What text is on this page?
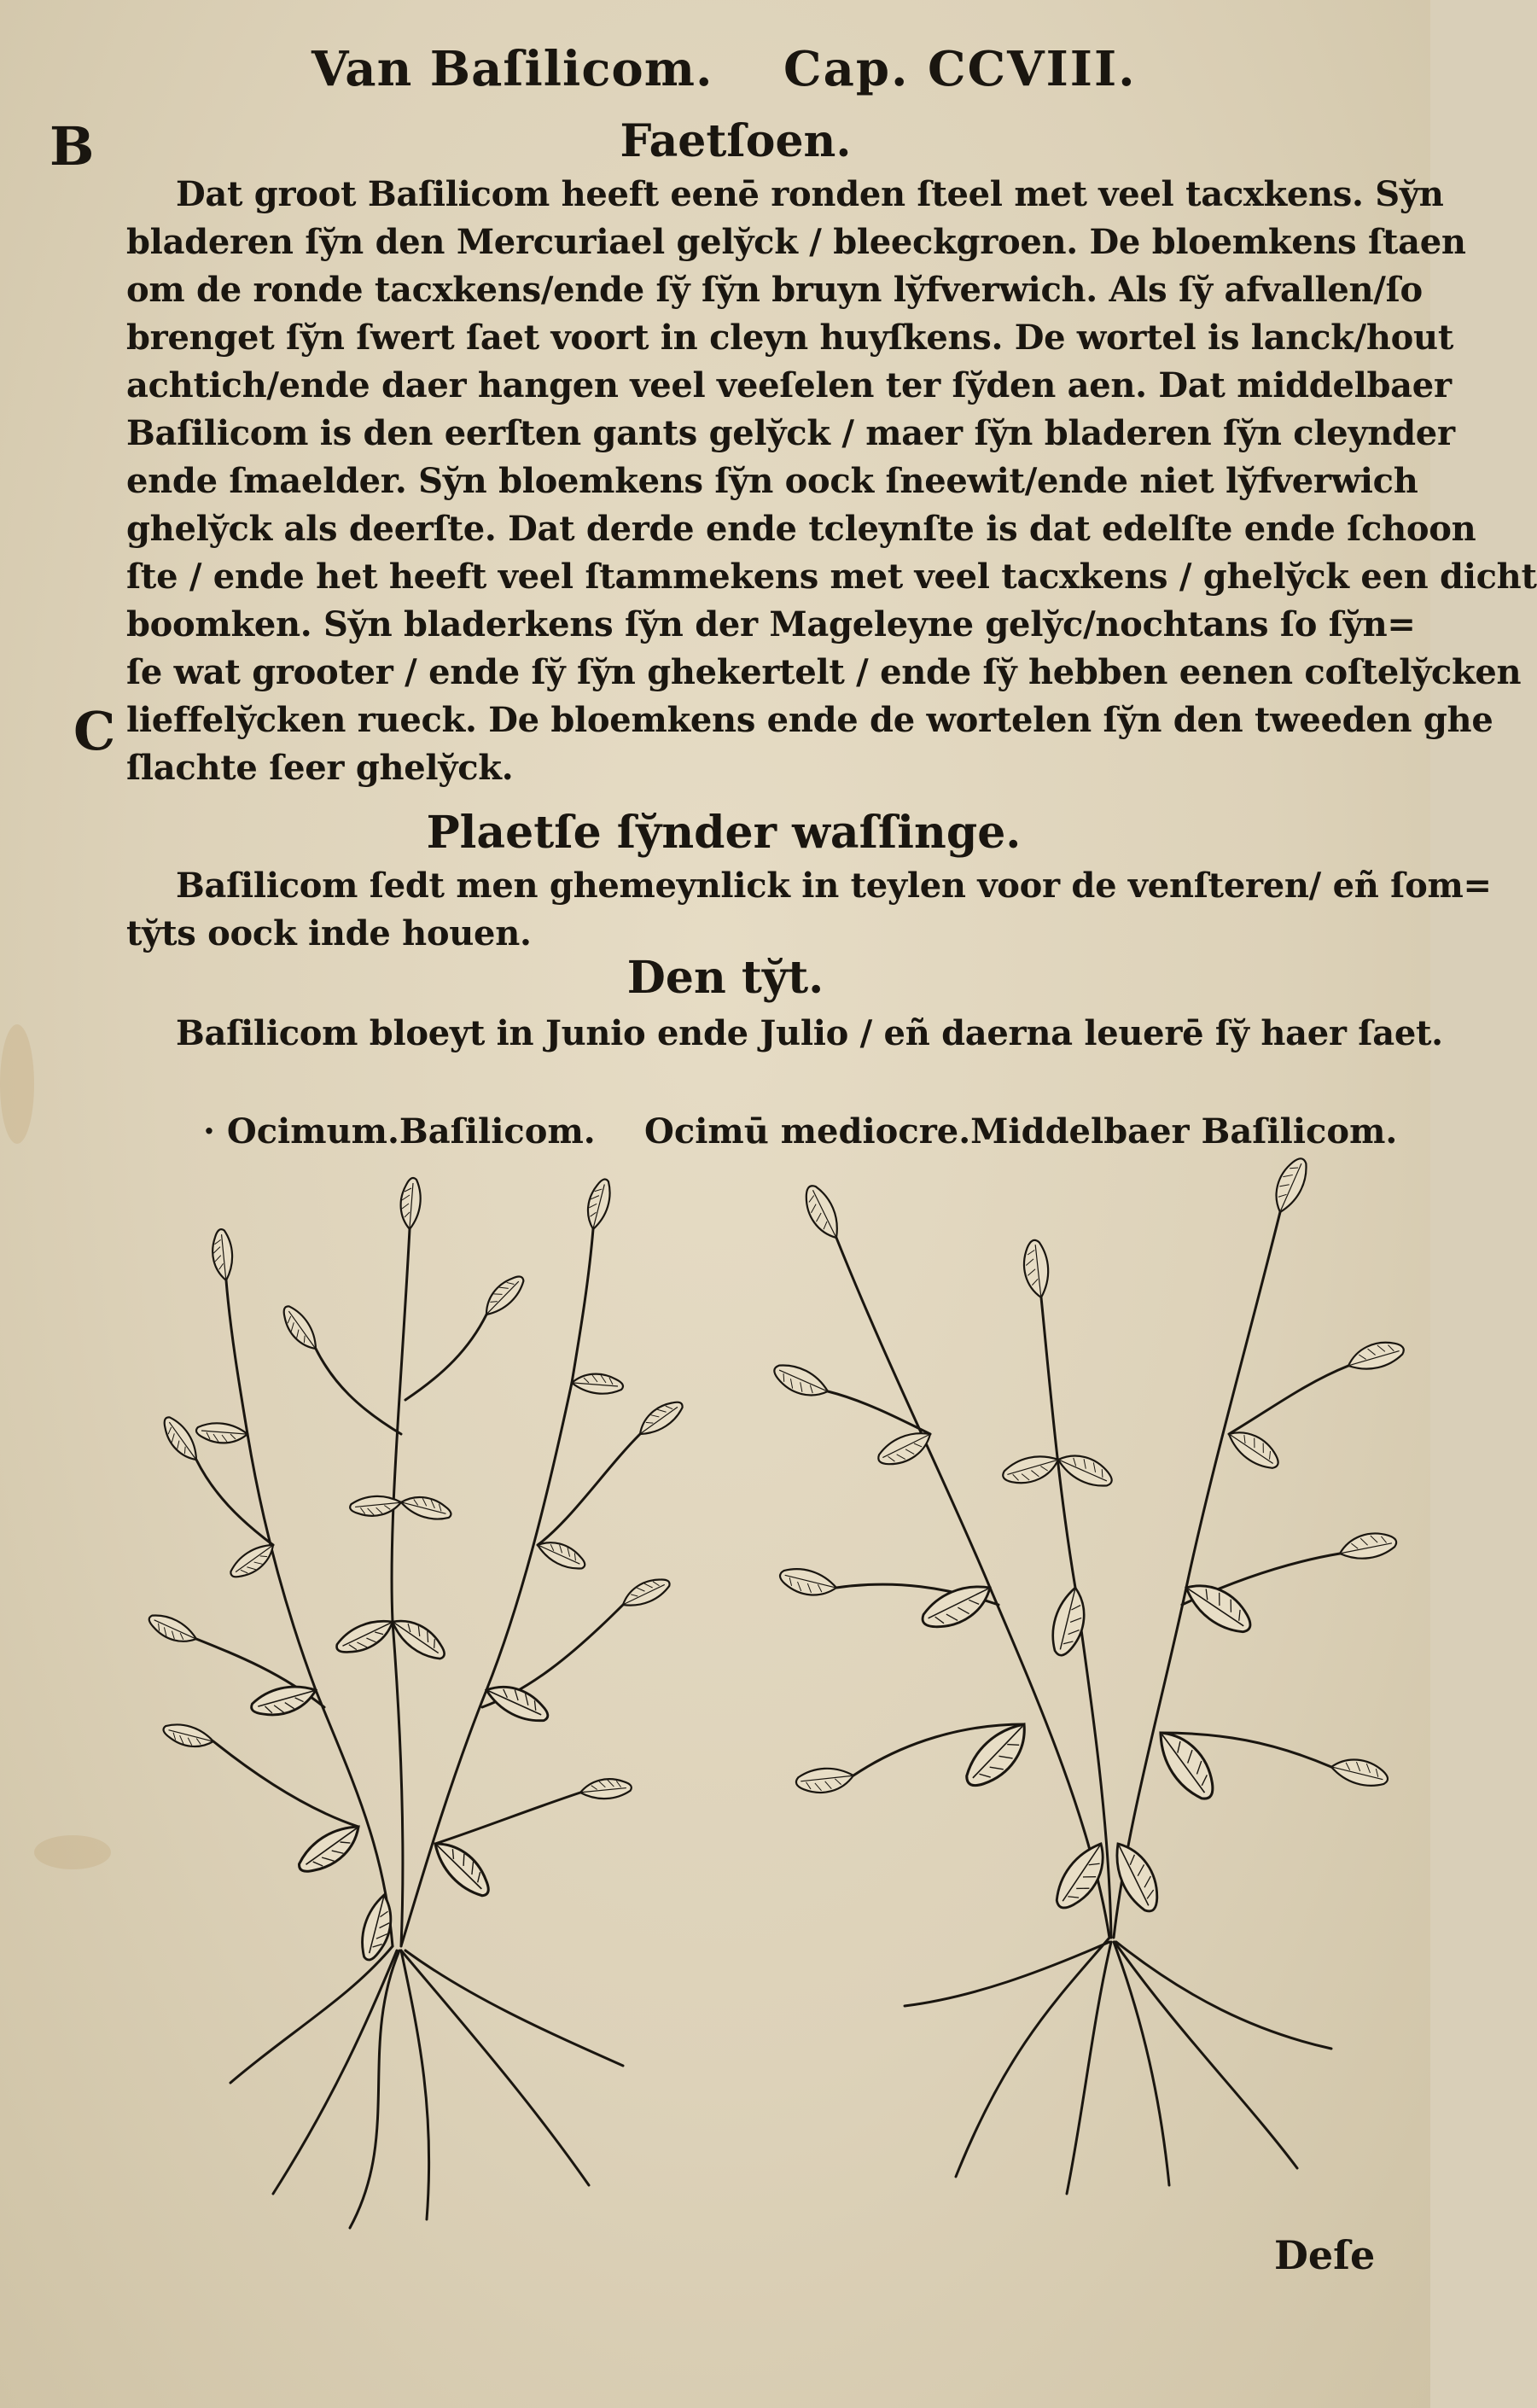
Van Baſilicom. Cap. CCVIII.
B
C
Faetſoen.
Dat groot Baſilicom heeft eenē ronden ſteel met veel tacxkens. Sy̆n
bladeren ſy̆n den Mercuriael gely̆ck / bleeckgroen. De bloemkens ſtaen
om de ronde tacxkens/ende ſy̆ ſy̆n bruyn ly̆fverwich. Als ſy̆ afvallen/ſo
brenget ſy̆n ſwert ſaet voort in cleyn huyſkens. De wortel is lanck/hout
achtich/ende daer hangen veel veeſelen ter ſy̆den aen. Dat middelbaer
Baſilicom is den eerſten gants gely̆ck / maer ſy̆n bladeren ſy̆n cleynder
ende ſmaelder. Sy̆n bloemkens ſy̆n oock ſneewit/ende niet ly̆fverwich
ghely̆ck als deerſte. Dat derde ende tcleynſte is dat edelſte ende ſchoon
ſte / ende het heeft veel ſtammekens met veel tacxkens / ghely̆ck een dicht
boomken. Sy̆n bladerkens ſy̆n der Mageleyne gely̆c/nochtans ſo ſy̆n=
ſe wat grooter / ende ſy̆ ſy̆n ghekertelt / ende ſy̆ hebben eenen coſtely̆cken
lieffely̆cken rueck. De bloemkens ende de wortelen ſy̆n den tweeden ghe
ſlachte ſeer ghely̆ck.
Plaetſe ſy̆nder waſſinge.
Baſilicom ſedt men ghemeynlick in teylen voor de venſteren/ eñ ſom=
ty̆ts oock inde houen.
Den ty̆t.
Baſilicom bloeyt in Junio ende Julio / eñ daerna leuerē ſy̆ haer ſaet.
· Ocimum.Baſilicom. Ocimū mediocre.Middelbaer Baſilicom.
Deſe
